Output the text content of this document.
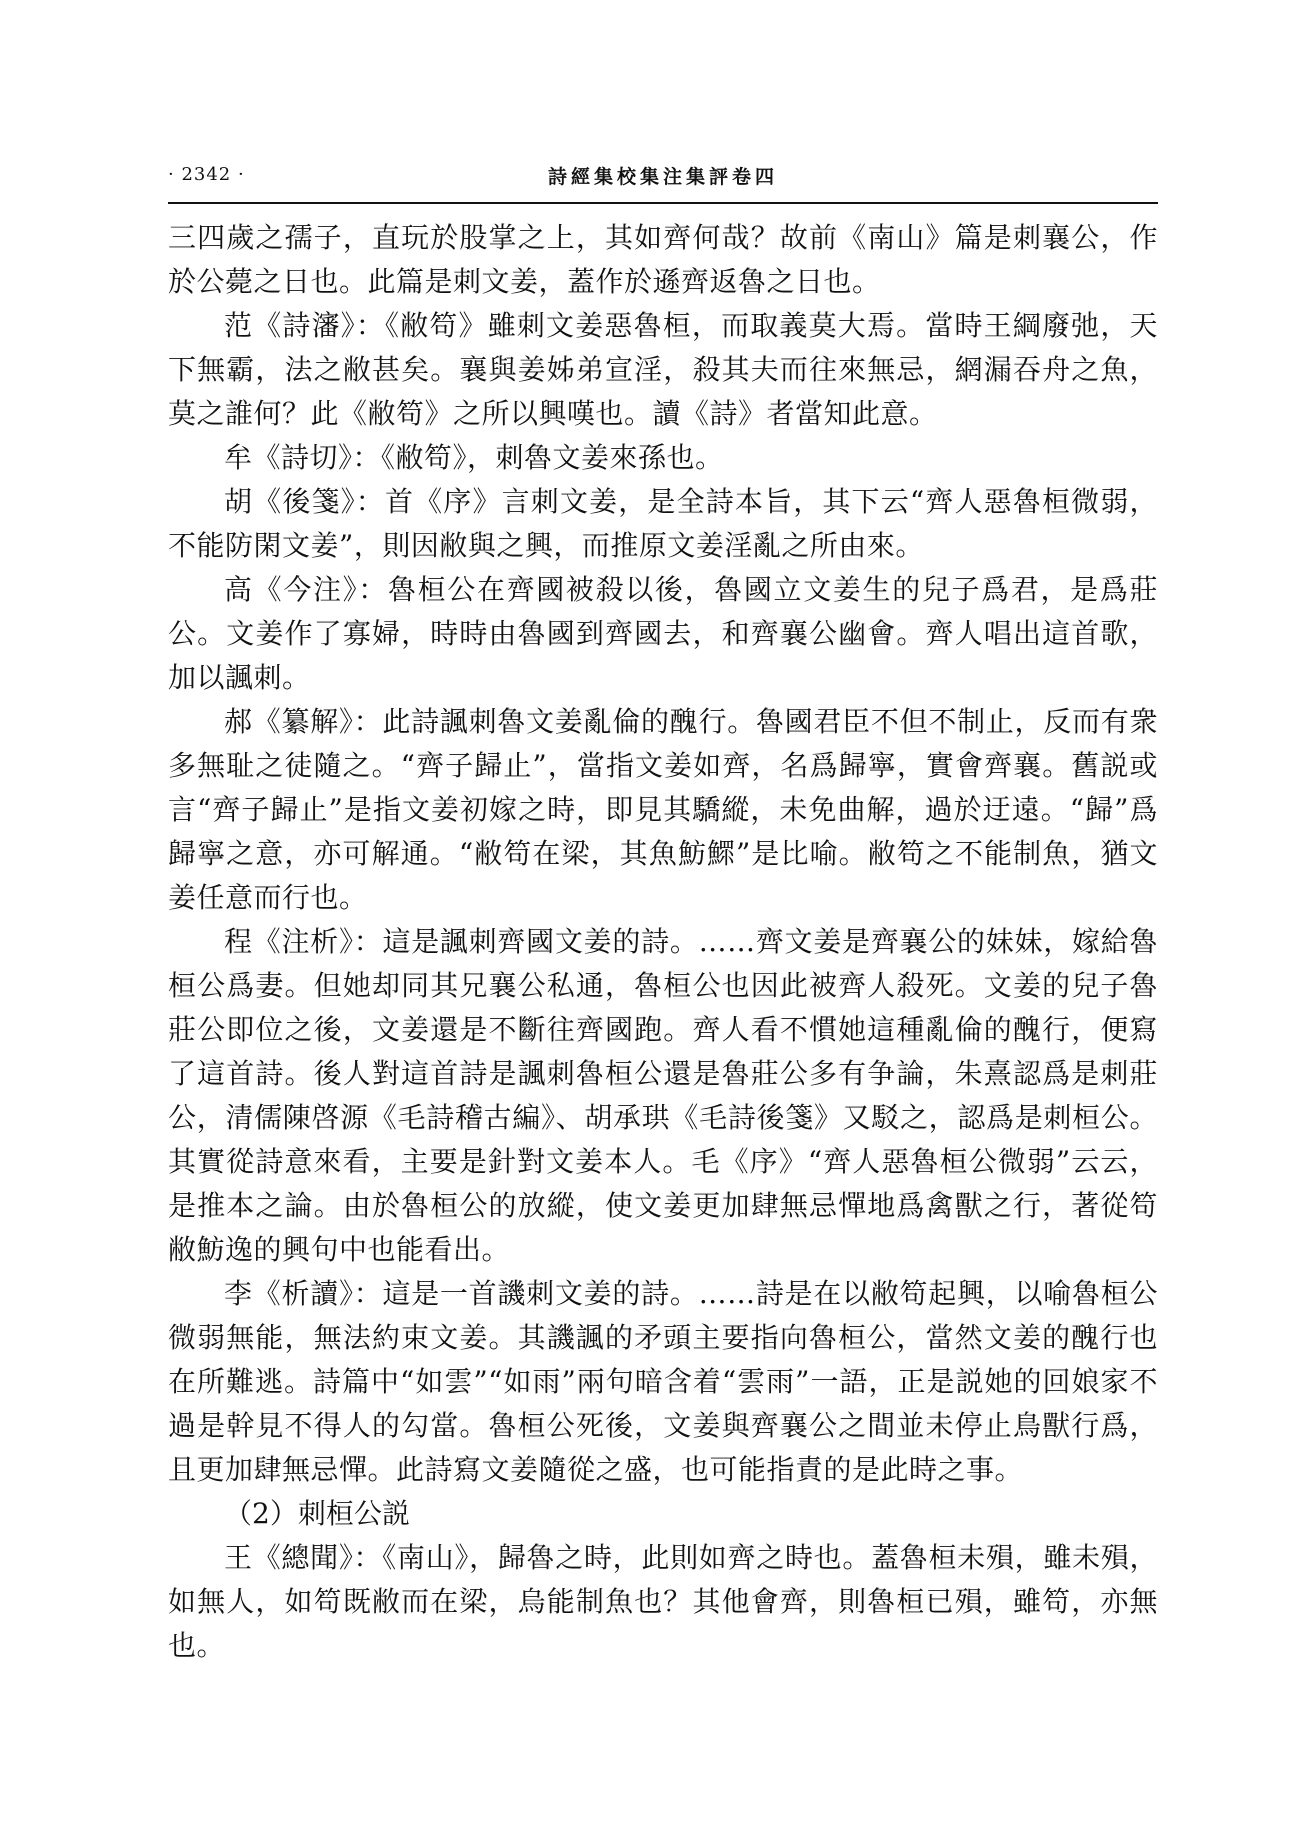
· 2342 ·	詩經集校集注集評卷四

三四歲之孺子，直玩於股掌之上，其如齊何哉？故前《南山》篇是刺襄公，作於公薨之日也。此篇是刺文姜，蓋作於遜齊返魯之日也。

范《詩瀋》：《敝笱》雖刺文姜惡魯桓，而取義莫大焉。當時王綱廢弛，天下無霸，法之敝甚矣。襄與姜姊弟宣淫，殺其夫而往來無忌，網漏吞舟之魚，莫之誰何？此《敝笱》之所以興嘆也。讀《詩》者當知此意。

牟《詩切》：《敝笱》，刺魯文姜來孫也。

胡《後箋》：首《序》言刺文姜，是全詩本旨，其下云“齊人惡魯桓微弱，不能防閑文姜”，則因敝與之興，而推原文姜淫亂之所由來。

高《今注》：魯桓公在齊國被殺以後，魯國立文姜生的兒子爲君，是爲莊公。文姜作了寡婦，時時由魯國到齊國去，和齊襄公幽會。齊人唱出這首歌，加以諷刺。

郝《纂解》：此詩諷刺魯文姜亂倫的醜行。魯國君臣不但不制止，反而有衆多無耻之徒隨之。“齊子歸止”，當指文姜如齊，名爲歸寧，實會齊襄。舊説或言“齊子歸止”是指文姜初嫁之時，即見其驕縱，未免曲解，過於迂遠。“歸”爲歸寧之意，亦可解通。“敝笱在梁，其魚魴鰥”是比喻。敝笱之不能制魚，猶文姜任意而行也。

程《注析》：這是諷刺齊國文姜的詩。……齊文姜是齊襄公的妹妹，嫁給魯桓公爲妻。但她却同其兄襄公私通，魯桓公也因此被齊人殺死。文姜的兒子魯莊公即位之後，文姜還是不斷往齊國跑。齊人看不慣她這種亂倫的醜行，便寫了這首詩。後人對這首詩是諷刺魯桓公還是魯莊公多有争論，朱熹認爲是刺莊公，清儒陳啓源《毛詩稽古編》、胡承珙《毛詩後箋》又駁之，認爲是刺桓公。其實從詩意來看，主要是針對文姜本人。毛《序》“齊人惡魯桓公微弱”云云，是推本之論。由於魯桓公的放縱，使文姜更加肆無忌憚地爲禽獸之行，著從笱敝魴逸的興句中也能看出。

李《析讀》：這是一首譏刺文姜的詩。……詩是在以敝笱起興，以喻魯桓公微弱無能，無法約束文姜。其譏諷的矛頭主要指向魯桓公，當然文姜的醜行也在所難逃。詩篇中“如雲”“如雨”兩句暗含着“雲雨”一語，正是説她的回娘家不過是幹見不得人的勾當。魯桓公死後，文姜與齊襄公之間並未停止鳥獸行爲，且更加肆無忌憚。此詩寫文姜隨從之盛，也可能指責的是此時之事。

（2）刺桓公説

王《總聞》：《南山》，歸魯之時，此則如齊之時也。蓋魯桓未殞，雖未殞，如無人，如笱既敝而在梁，烏能制魚也？其他會齊，則魯桓已殞，雖笱，亦無也。
